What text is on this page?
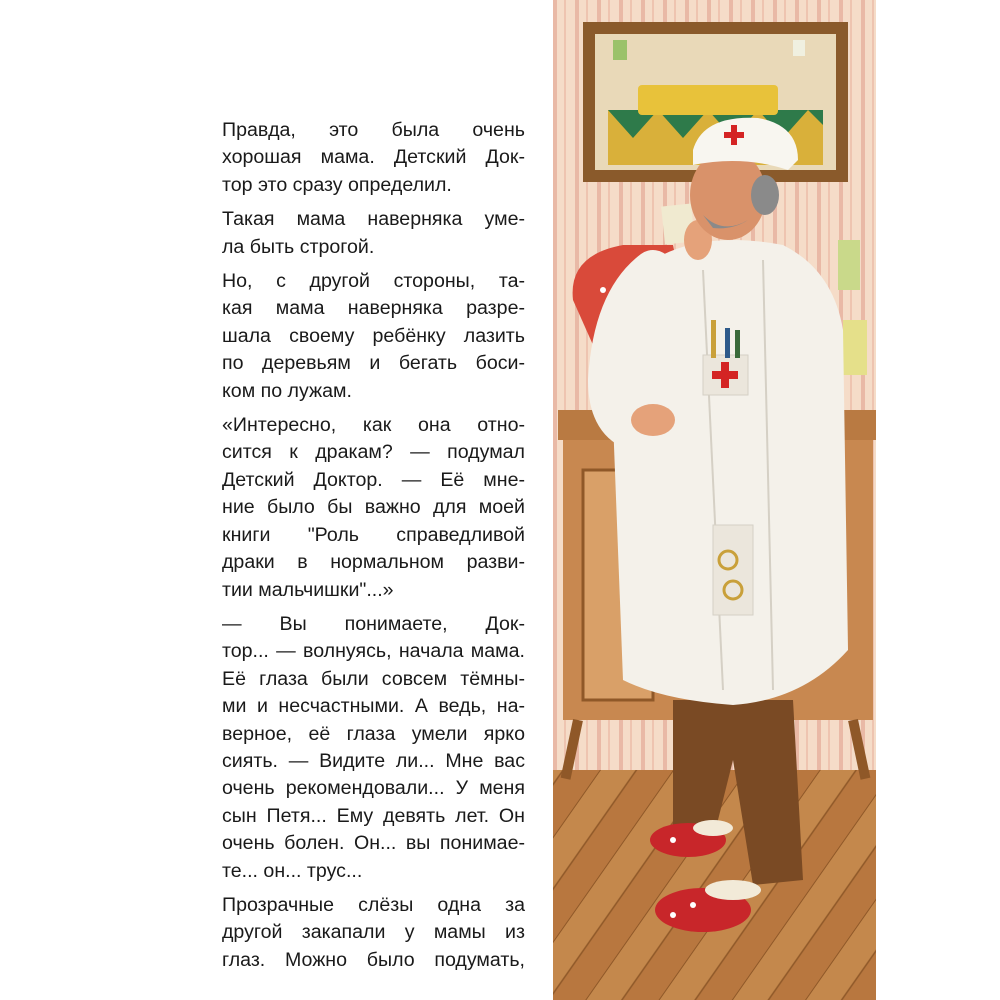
Правда, это была очень
хорошая мама. Детский Док-
тор это сразу определил.

Такая мама наверняка уме-
ла быть строгой.

Но, с другой стороны, та-
кая мама наверняка разре-
шала своему ребёнку лазить
по деревьям и бегать боси-
ком по лужам.

«Интересно, как она отно-
сится к дракам? — подумал
Детский Доктор. — Её мне-
ние было бы важно для моей
книги "Роль справедливой
драки в нормальном разви-
тии мальчишки"...»

— Вы понимаете, Док-
тор... — волнуясь, начала мама.
Её глаза были совсем тёмны-
ми и несчастными. А ведь, на-
верное, её глаза умели ярко
сиять. — Видите ли... Мне вас
очень рекомендовали... У меня
сын Петя... Ему девять лет. Он
очень болен. Он... вы понимае-
те... он... трус...

Прозрачные слёзы одна за
другой закапали у мамы из
глаз. Можно было подумать,
